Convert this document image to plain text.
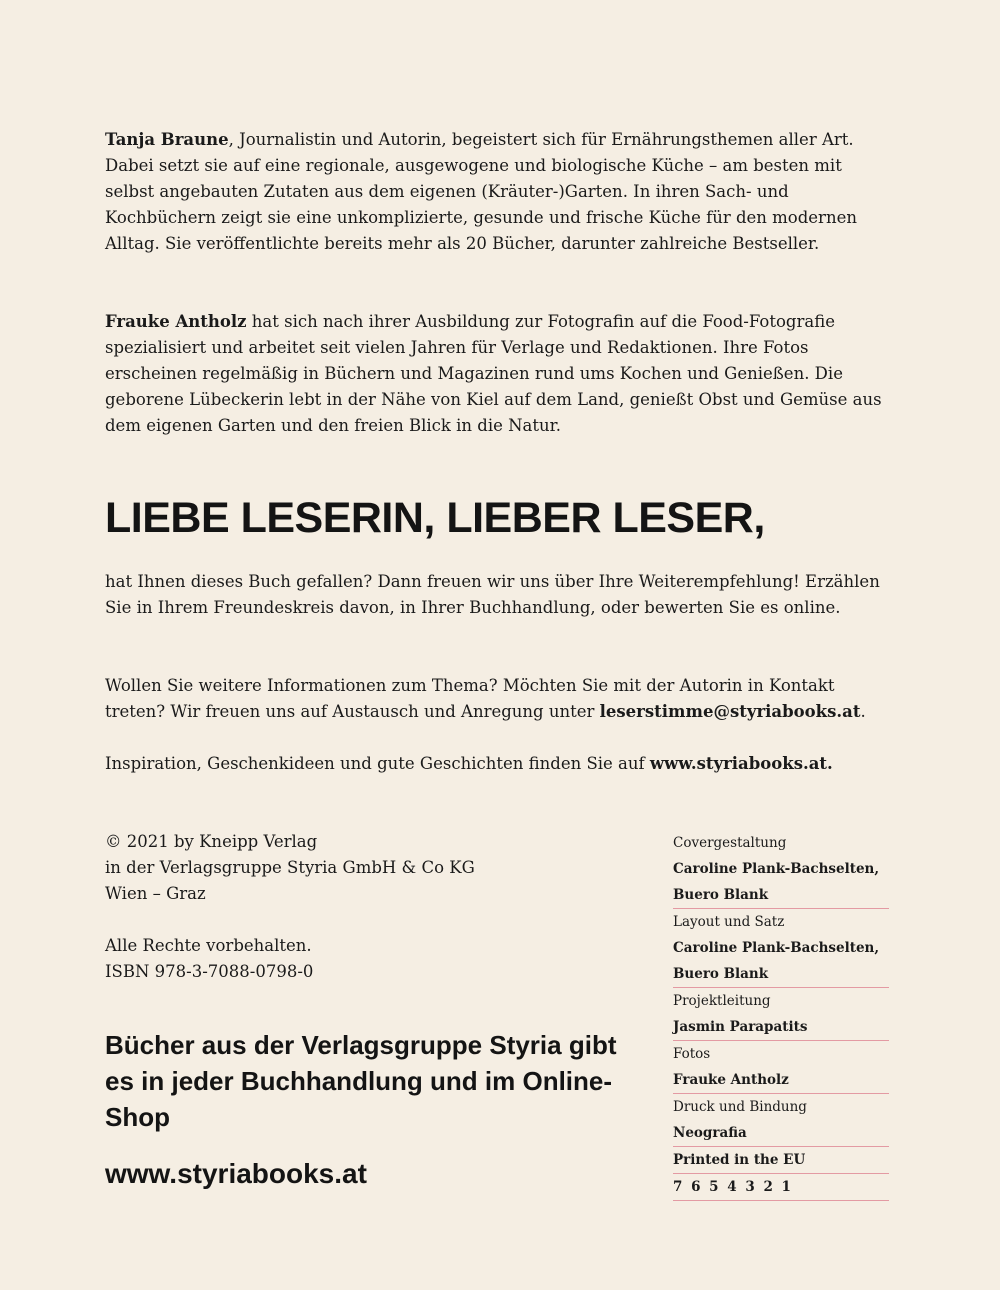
Tanja Braune, Journalistin und Autorin, begeistert sich für Ernährungsthemen aller Art. Dabei setzt sie auf eine regionale, ausgewogene und biologische Küche – am besten mit selbst angebauten Zutaten aus dem eigenen (Kräuter-)Garten. In ihren Sach- und Kochbüchern zeigt sie eine unkomplizierte, gesunde und frische Küche für den modernen Alltag. Sie veröffentlichte bereits mehr als 20 Bücher, darunter zahlreiche Bestseller.

Frauke Antholz hat sich nach ihrer Ausbildung zur Fotografin auf die Food-Fotografie spezialisiert und arbeitet seit vielen Jahren für Verlage und Redaktionen. Ihre Fotos erscheinen regelmäßig in Büchern und Magazinen rund ums Kochen und Genießen. Die geborene Lübeckerin lebt in der Nähe von Kiel auf dem Land, genießt Obst und Gemüse aus dem eigenen Garten und den freien Blick in die Natur.

LIEBE LESERIN, LIEBER LESER,

hat Ihnen dieses Buch gefallen? Dann freuen wir uns über Ihre Weiterempfehlung! Erzählen Sie in Ihrem Freundeskreis davon, in Ihrer Buchhandlung, oder bewerten Sie es online.

Wollen Sie weitere Informationen zum Thema? Möchten Sie mit der Autorin in Kontakt treten? Wir freuen uns auf Austausch und Anregung unter leserstimme@styriabooks.at.

Inspiration, Geschenkideen und gute Geschichten finden Sie auf www.styriabooks.at.

© 2021 by Kneipp Verlag
in der Verlagsgruppe Styria GmbH & Co KG
Wien – Graz
Alle Rechte vorbehalten.
ISBN 978-3-7088-0798-0

Bücher aus der Verlagsgruppe Styria gibt es in jeder Buchhandlung und im Online-Shop

www.styriabooks.at

Covergestaltung
Caroline Plank-Bachselten,
Buero Blank
Layout und Satz
Caroline Plank-Bachselten,
Buero Blank
Projektleitung
Jasmin Parapatits
Fotos
Frauke Antholz
Druck und Bindung
Neografia
Printed in the EU
7 6 5 4 3 2 1
